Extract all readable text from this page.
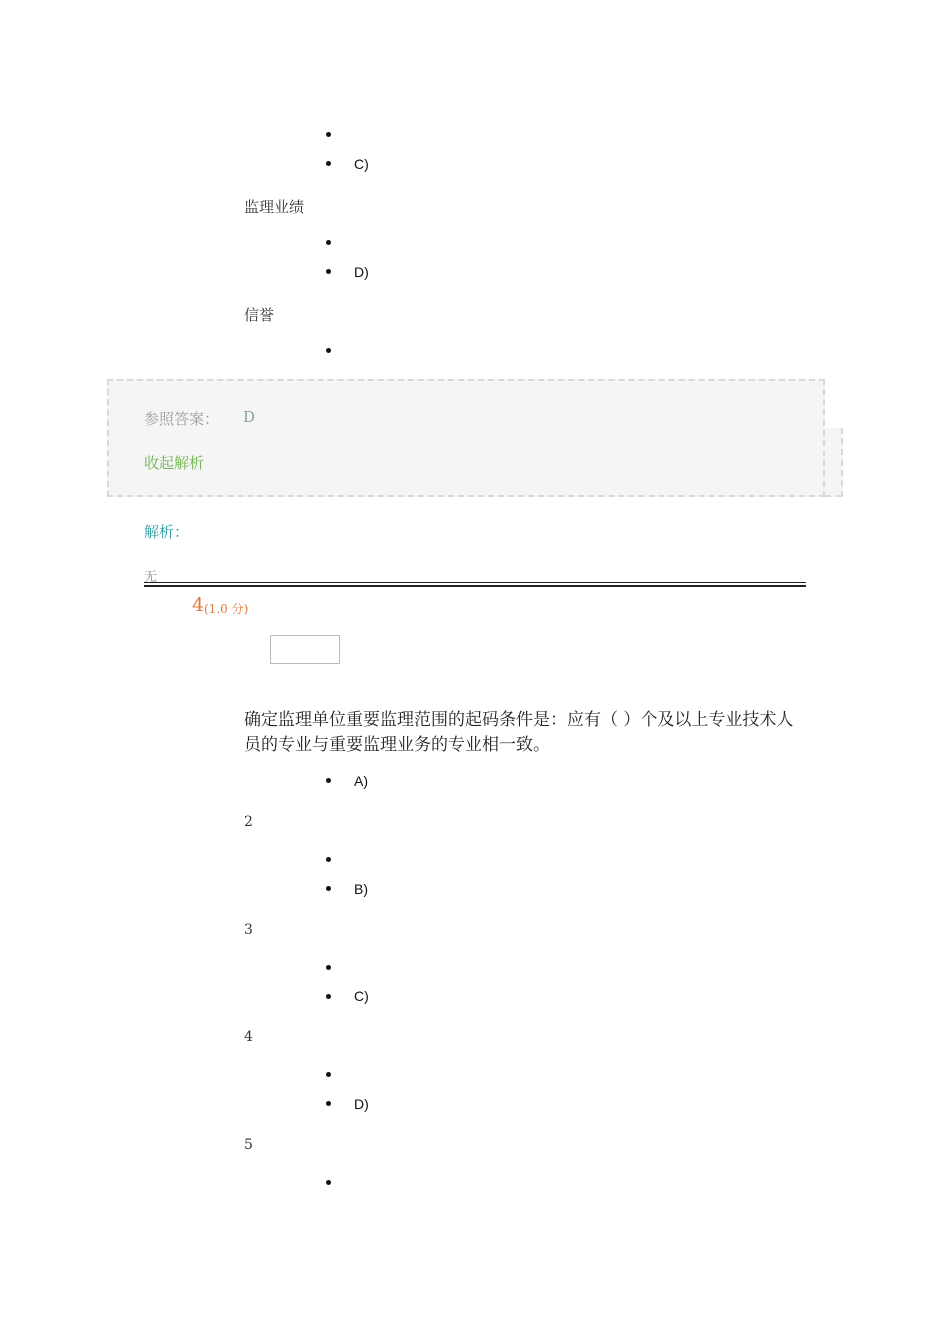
C)
监理业绩
D)
信誉
参照答案： D
收起解析
解析：
无
4 (1.0 分)
确定监理单位重要监理范围的起码条件是：应有（ ）个及以上专业技术人员的专业与重要监理业务的专业相一致。
A)
2
B)
3
C)
4
D)
5
